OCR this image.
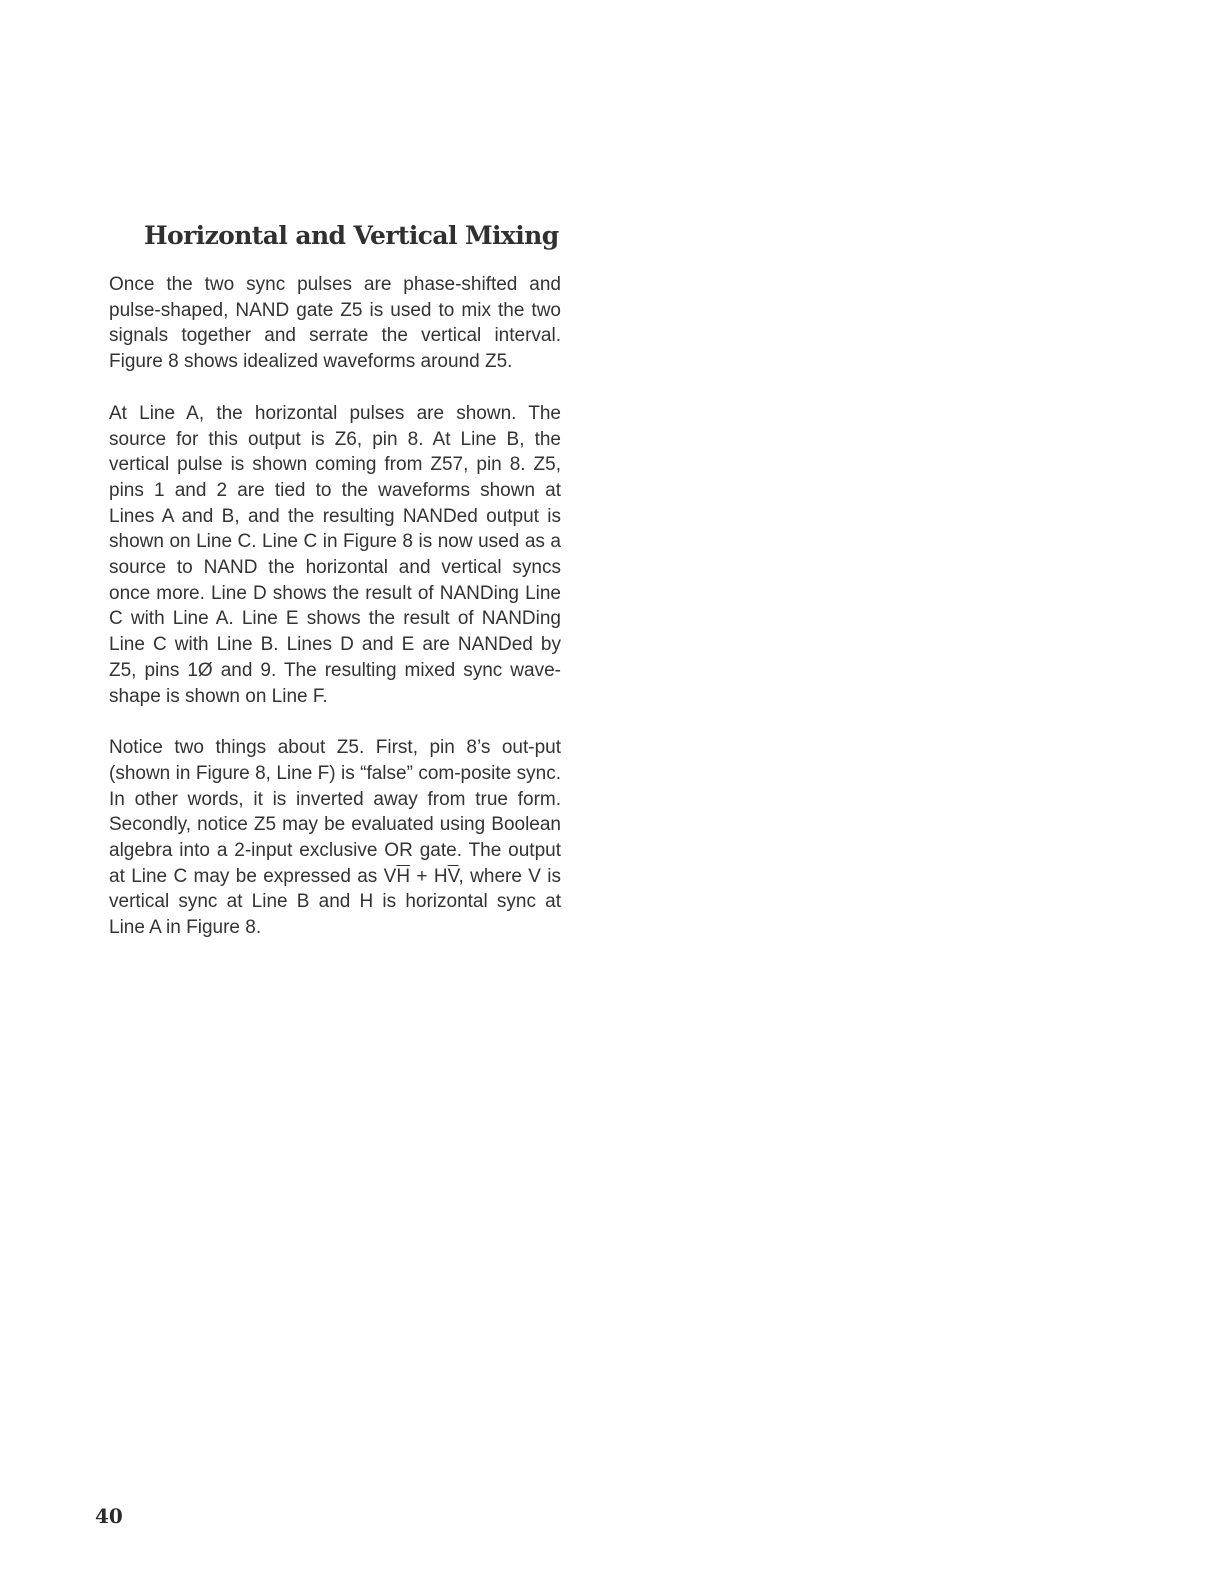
Horizontal and Vertical Mixing

Once the two sync pulses are phase-shifted and pulse-shaped, NAND gate Z5 is used to mix the two signals together and serrate the vertical interval. Figure 8 shows idealized waveforms around Z5.

At Line A, the horizontal pulses are shown. The source for this output is Z6, pin 8. At Line B, the vertical pulse is shown coming from Z57, pin 8. Z5, pins 1 and 2 are tied to the waveforms shown at Lines A and B, and the resulting NANDed output is shown on Line C. Line C in Figure 8 is now used as a source to NAND the horizontal and vertical syncs once more. Line D shows the result of NANDing Line C with Line A. Line E shows the result of NANDing Line C with Line B. Lines D and E are NANDed by Z5, pins 1Ø and 9. The resulting mixed sync wave-shape is shown on Line F.

Notice two things about Z5. First, pin 8’s out-put (shown in Figure 8, Line F) is “false” com-posite sync. In other words, it is inverted away from true form. Secondly, notice Z5 may be evaluated using Boolean algebra into a 2-input exclusive OR gate. The output at Line C may be expressed as $V\overline{H} + H\overline{V}$, where V is vertical sync at Line B and H is horizontal sync at Line A in Figure 8.

40
